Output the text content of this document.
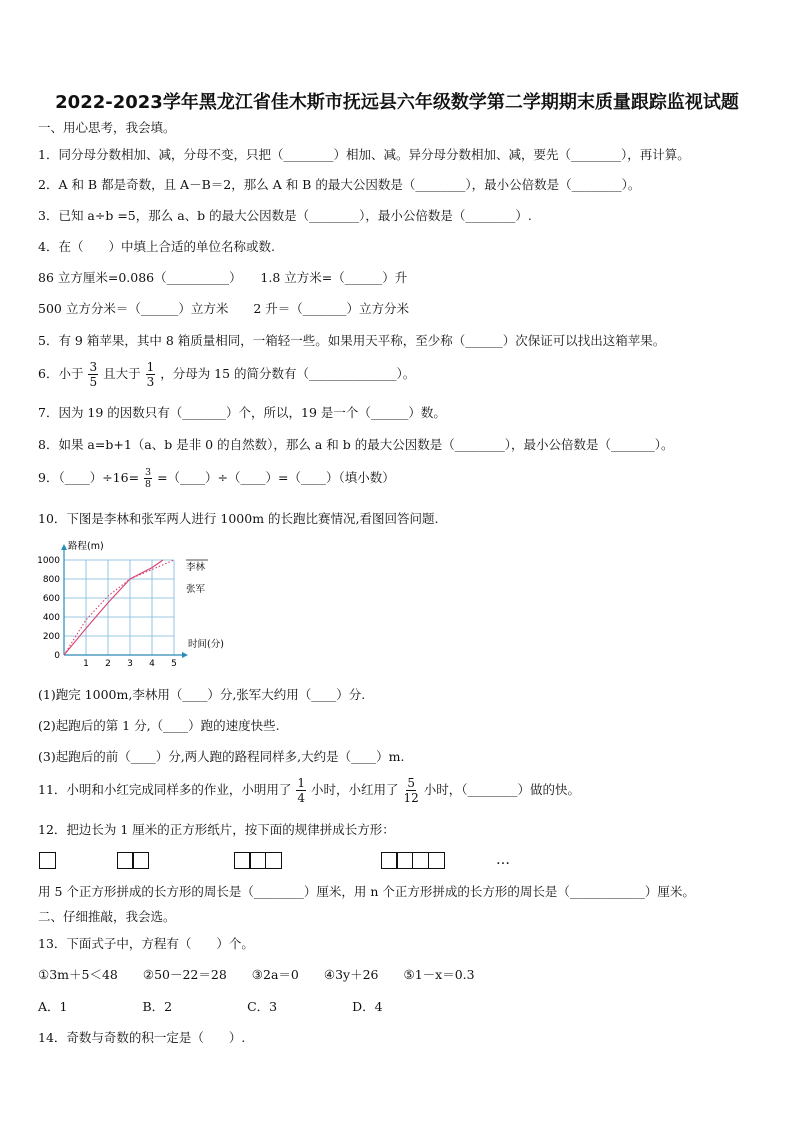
2022-2023学年黑龙江省佳木斯市抚远县六年级数学第二学期期末质量跟踪监视试题
一、用心思考，我会填。
1．同分母分数相加、减，分母不变，只把（________）相加、减。异分母分数相加、减，要先（________），再计算。
2．A 和 B 都是奇数，且 A－B＝2，那么 A 和 B 的最大公因数是（________），最小公倍数是（________）。
3．已知 a÷b =5，那么 a、b 的最大公因数是（________），最小公倍数是（________）.
4．在（　　）中填上合适的单位名称或数.
86 立方厘米=0.086（__________）　　1.8 立方米=（______）升
500 立方分米＝（______）立方米　　2 升＝（_______）立方分米
5．有 9 箱苹果，其中 8 箱质量相同，一箱轻一些。如果用天平称，至少称（______）次保证可以找出这箱苹果。
6．小于 $\frac{3}{5}$ 且大于 $\frac{1}{3}$ ，分母为 15 的简分数有（______________）。
7．因为 19 的因数只有（_______）个，所以，19 是一个（______）数。
8．如果 a=b+1（a、b 是非 0 的自然数），那么 a 和 b 的最大公因数是（________），最小公倍数是（_______）。
9．（____）÷16= $\frac{3}{8}$ =（____）÷（____）=（____）（填小数）
10．下图是李林和张军两人进行 1000m 的长跑比赛情况,看图回答问题.
1 2 3 4 5
0
200
400
600
800
1000
路程(m)
时间(分)
李林
张军
(1)跑完 1000m,李林用（____）分,张军大约用（____）分.
(2)起跑后的第 1 分,（____）跑的速度快些.
(3)起跑后的前（____）分,两人跑的路程同样多,大约是（____）m.
11．小明和小红完成同样多的作业，小明用了 $\frac{1}{4}$ 小时，小红用了 $\frac{5}{12}$ 小时，（________）做的快。
12．把边长为 1 厘米的正方形纸片，按下面的规律拼成长方形：
…
用 5 个正方形拼成的长方形的周长是（________）厘米，用 n 个正方形拼成的长方形的周长是（____________）厘米。
二、仔细推敲，我会选。
13．下面式子中，方程有（　　）个。
①3m＋5＜48　　②50－22＝28　　③2a＝0　　④3y＋26　　⑤1－x＝0.3
A．1　　　　　　B．2　　　　　　C．3　　　　　　D．4
14．奇数与奇数的积一定是（　　）.
